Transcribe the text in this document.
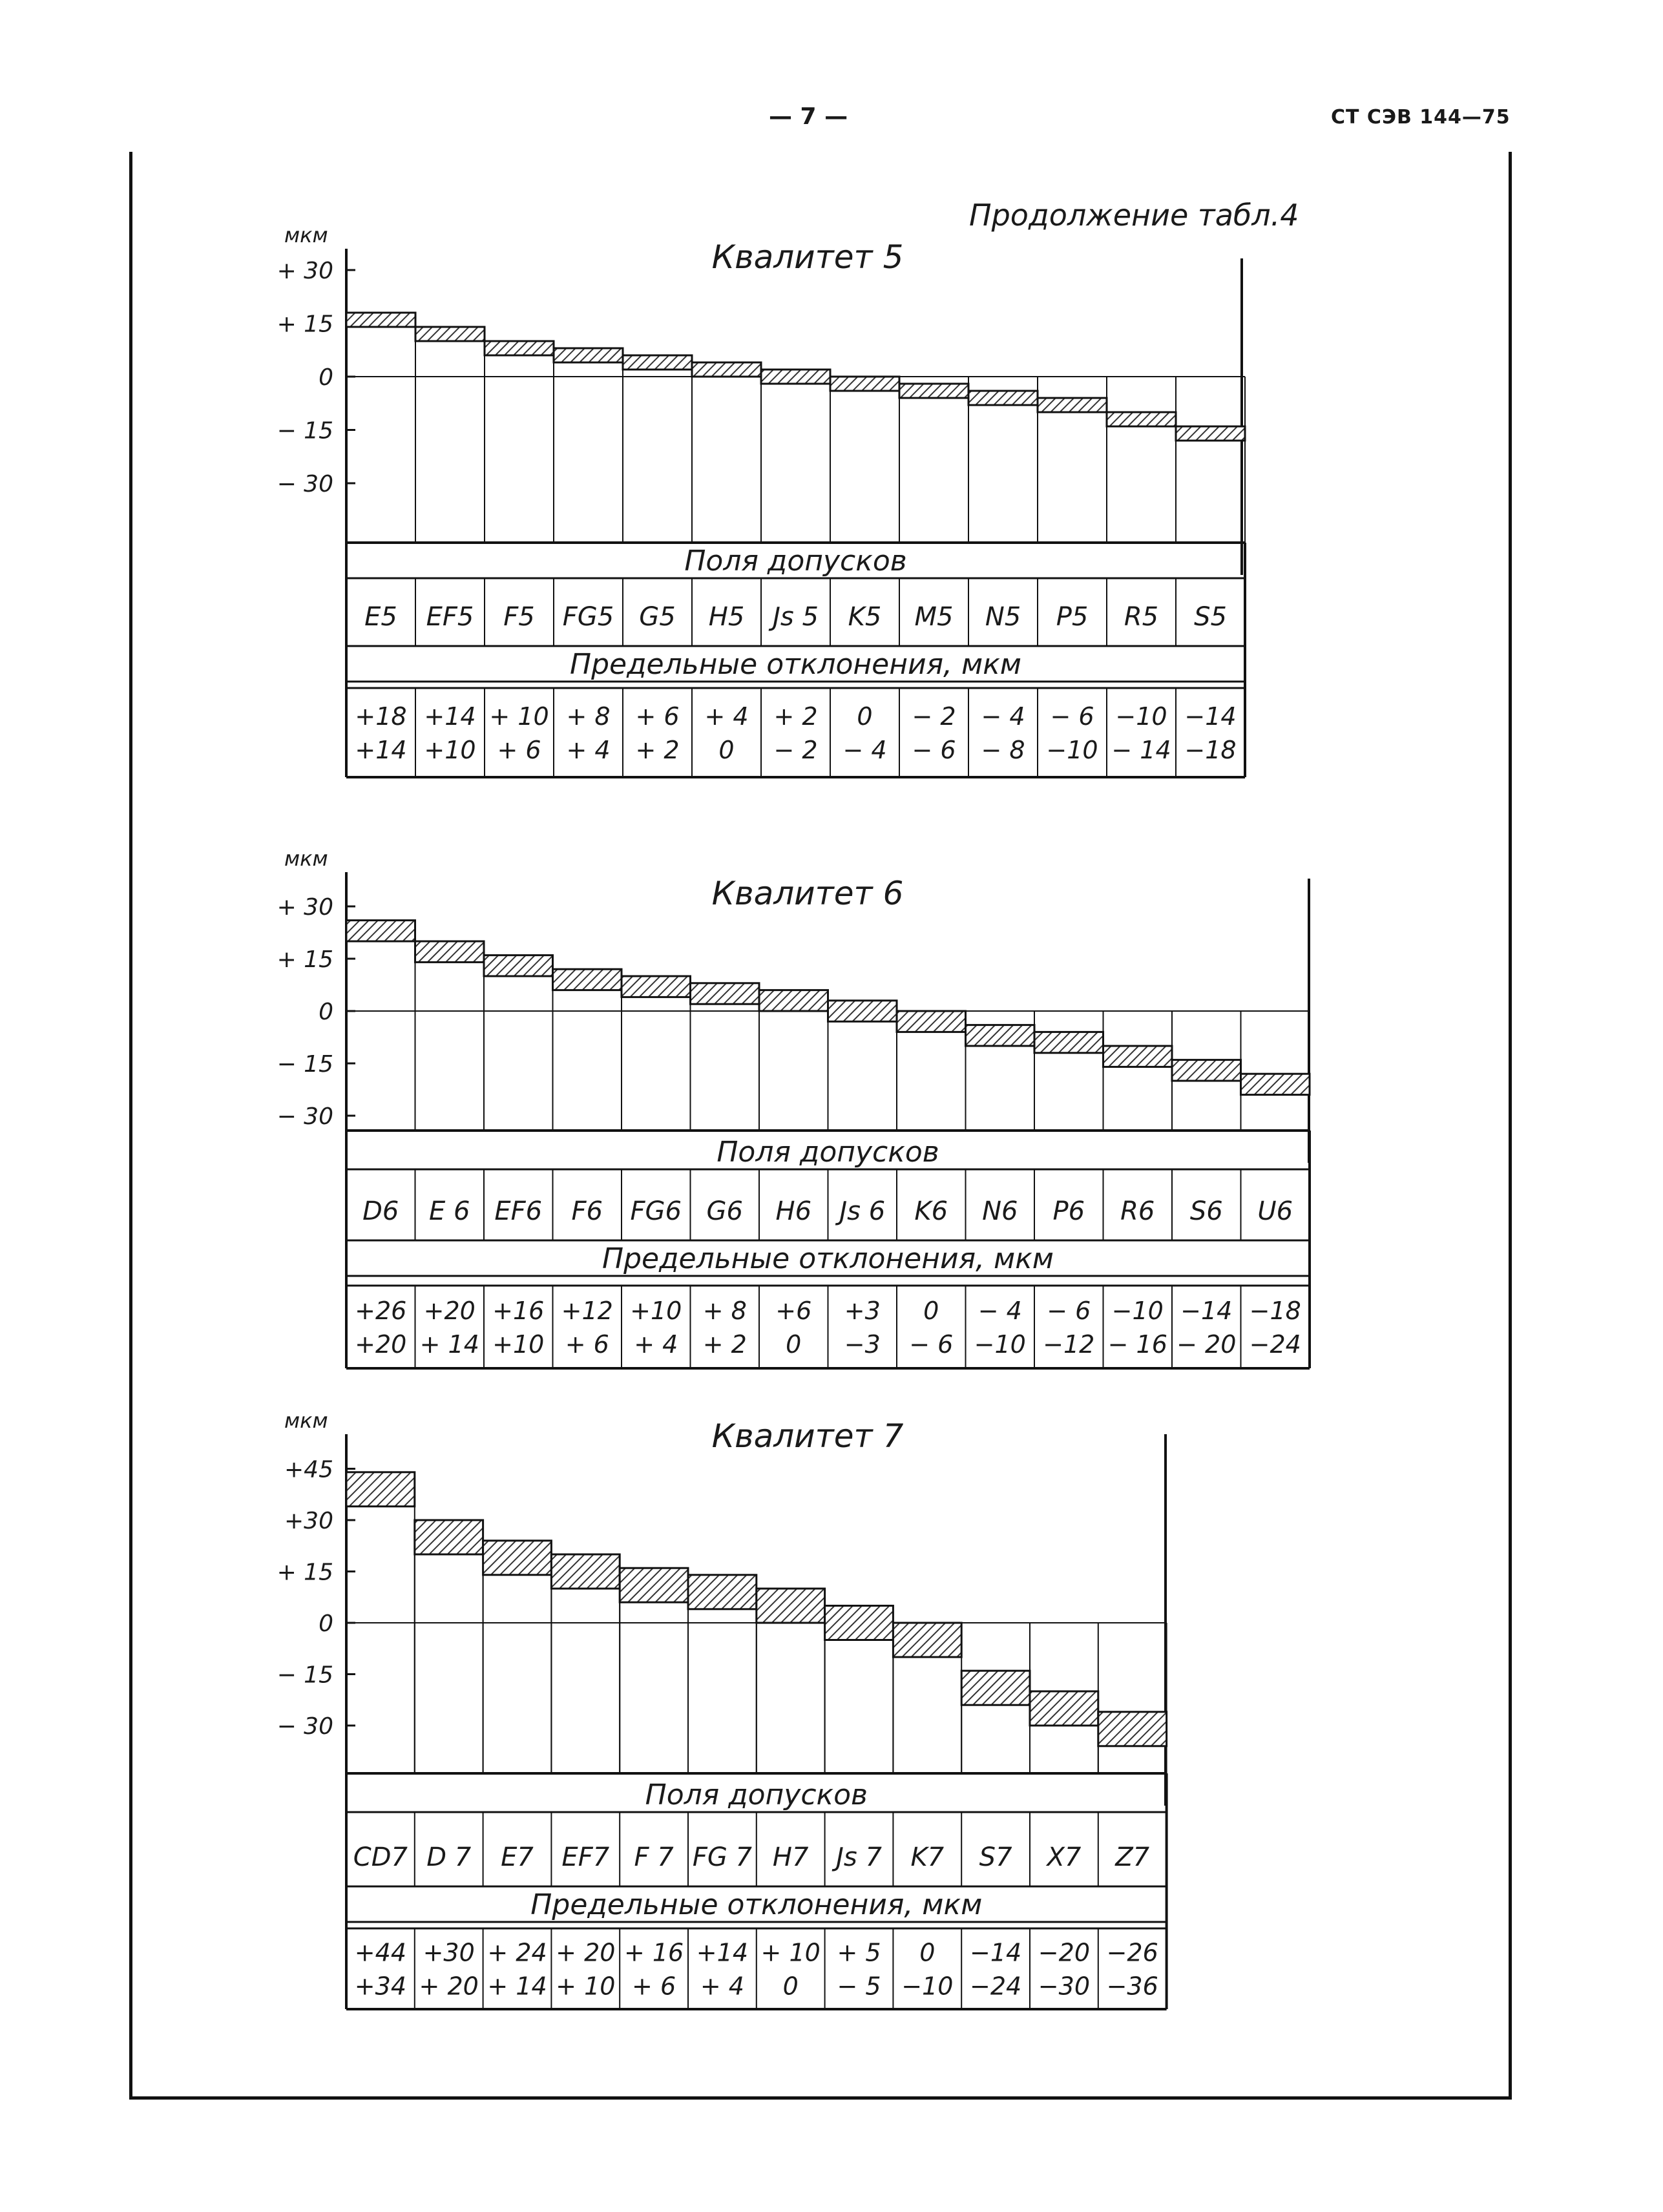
— 7 —	СТ СЭВ 144—75
Продолжение табл.4
Квалитет 5
мкм
+ 30
+ 15
0
− 15
− 30
Поля допусков
E5 EF5 F5 FG5 G5 H5 Js 5 K5 M5 N5 P5 R5 S5
Предельные отклонения, мкм
+18
+14
+14
+10
+ 10
+ 6
+ 8
+ 4
+ 6
+ 2
+ 4
0
+ 2
− 2
0
− 4
− 2
− 6
− 4
− 8
− 6
−10
−10
− 14
−14
−18
Квалитет 6
мкм
+ 30
+ 15
0
− 15
− 30
Поля допусков
D6 E 6 EF6 F6 FG6 G6 H6 Js 6 K6 N6 P6 R6 S6 U6
Предельные отклонения, мкм
+26
+20
+20
+ 14
+16
+10
+12
+ 6
+10
+ 4
+ 8
+ 2
+6
0
+3
−3
0
− 6
− 4
−10
− 6
−12
−10
− 16
−14
− 20
−18
−24
Квалитет 7
мкм
+45
+30
+ 15
0
− 15
− 30
Поля допусков
CD7 D 7 E7 EF7 F 7 FG 7 H7 Js 7 K7 S7 X7 Z7
Предельные отклонения, мкм
+44
+34
+30
+ 20
+ 24
+ 14
+ 20
+ 10
+ 16
+ 6
+14
+ 4
+ 10
0
+ 5
− 5
0
−10
−14
−24
−20
−30
−26
−36
